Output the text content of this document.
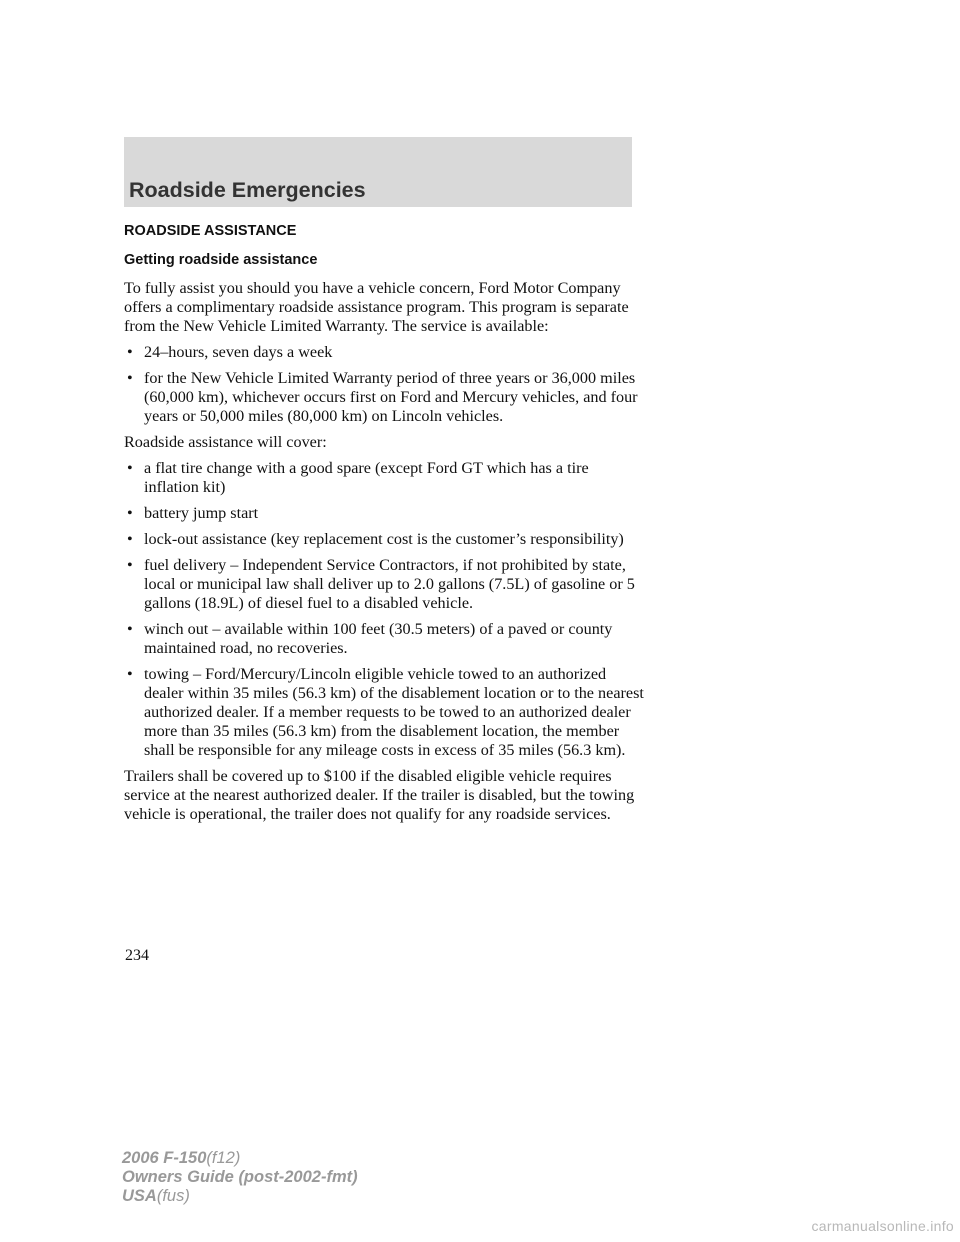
Roadside Emergencies
ROADSIDE ASSISTANCE
Getting roadside assistance

To fully assist you should you have a vehicle concern, Ford Motor Company offers a complimentary roadside assistance program. This program is separate from the New Vehicle Limited Warranty. The service is available:

• 24–hours, seven days a week
• for the New Vehicle Limited Warranty period of three years or 36,000 miles (60,000 km), whichever occurs first on Ford and Mercury vehicles, and four years or 50,000 miles (80,000 km) on Lincoln vehicles.

Roadside assistance will cover:

• a flat tire change with a good spare (except Ford GT which has a tire inflation kit)
• battery jump start
• lock-out assistance (key replacement cost is the customer’s responsibility)
• fuel delivery – Independent Service Contractors, if not prohibited by state, local or municipal law shall deliver up to 2.0 gallons (7.5L) of gasoline or 5 gallons (18.9L) of diesel fuel to a disabled vehicle.
• winch out – available within 100 feet (30.5 meters) of a paved or county maintained road, no recoveries.
• towing – Ford/Mercury/Lincoln eligible vehicle towed to an authorized dealer within 35 miles (56.3 km) of the disablement location or to the nearest authorized dealer. If a member requests to be towed to an authorized dealer more than 35 miles (56.3 km) from the disablement location, the member shall be responsible for any mileage costs in excess of 35 miles (56.3 km).

Trailers shall be covered up to $100 if the disabled eligible vehicle requires service at the nearest authorized dealer. If the trailer is disabled, but the towing vehicle is operational, the trailer does not qualify for any roadside services.

234
2006 F-150(f12)
Owners Guide (post-2002-fmt)
USA(fus)
carmanualsonline.info
